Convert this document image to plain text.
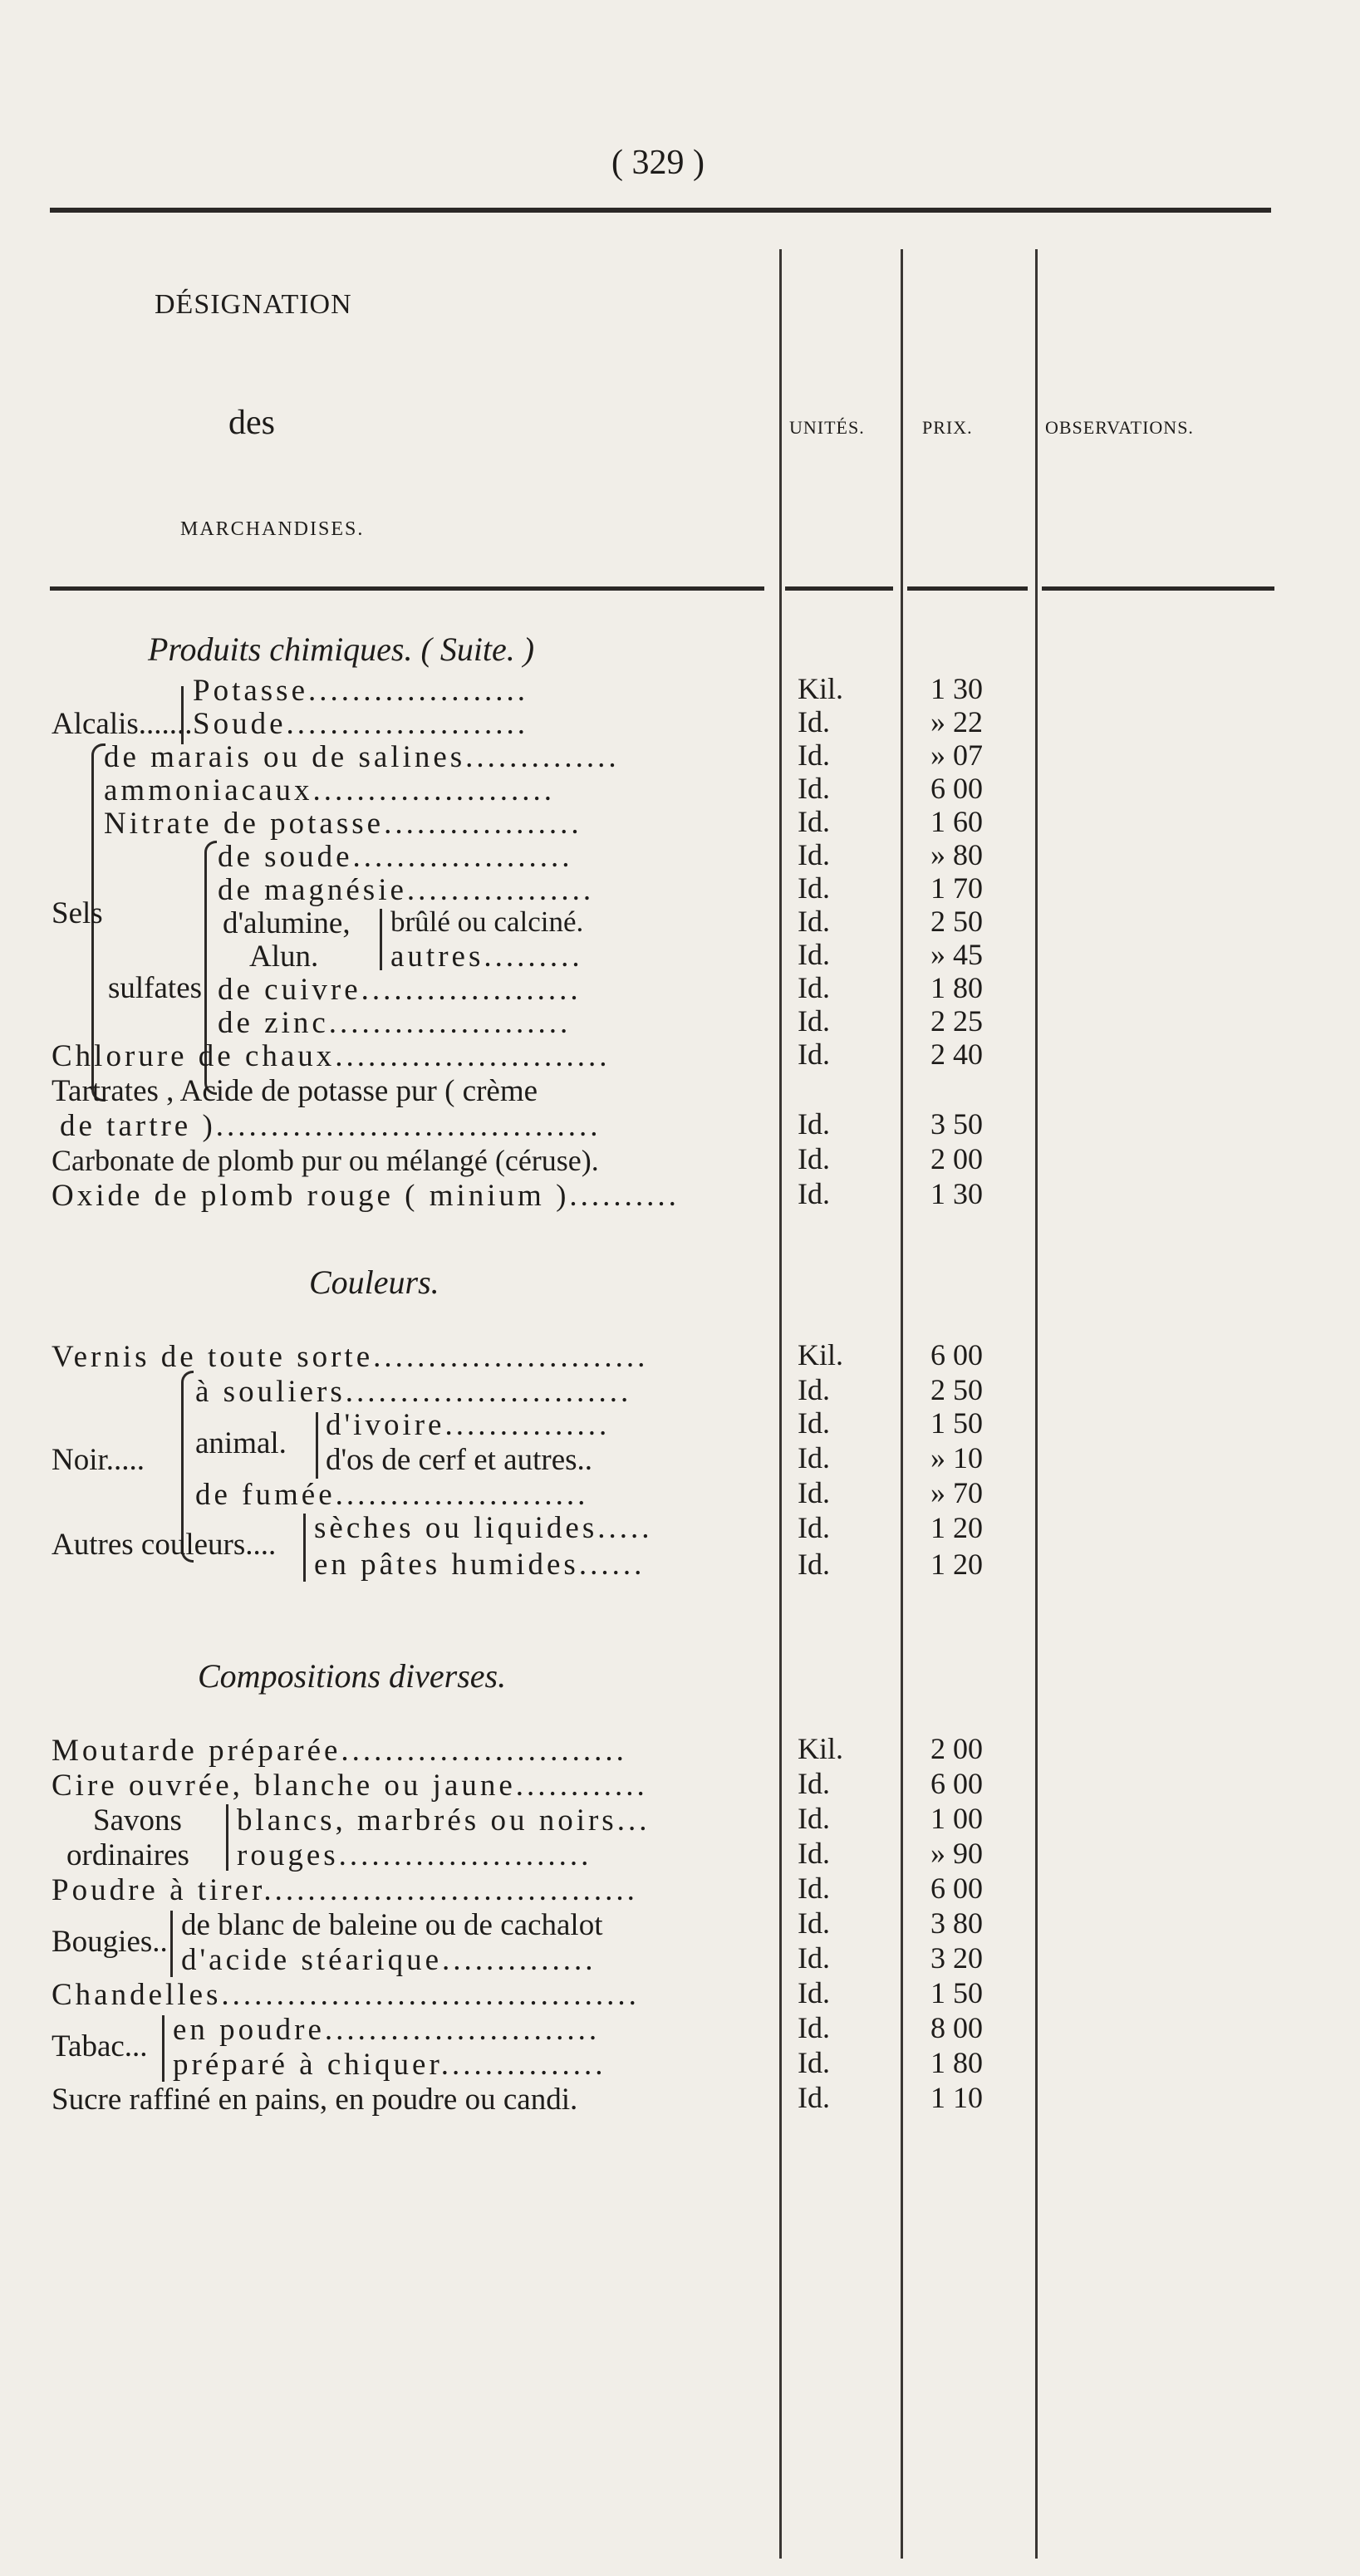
( 329 )
DÉSIGNATION
des
MARCHANDISES.
UNITÉS.	PRIX.	OBSERVATIONS.
Produits chimiques. ( Suite. )
Alcalis.......
Potasse....................	Kil.	1 30
Soude......................	Id.	» 22
Sels
de marais ou de salines..............	Id.	» 07
ammoniacaux......................	Id.	6 00
Nitrate de potasse..................	Id.	1 60
sulfates
de soude....................	Id.	» 80
de magnésie.................	Id.	1 70
d'alumine, brûlé ou calciné.	Id.	2 50
Alun. autres.........	Id.	» 45
de cuivre....................	Id.	1 80
de zinc......................	Id.	2 25
Chlorure de chaux.........................	Id.	2 40
Tartrates , Acide de potasse pur ( crème
de tartre )...................................	Id.	3 50
Carbonate de plomb pur ou mélangé (céruse).	Id.	2 00
Oxide de plomb rouge ( minium )..........	Id.	1 30
Couleurs.
Vernis de toute sorte.........................	Kil.	6 00
Noir.....
à souliers..........................	Id.	2 50
animal.
d'ivoire...............	Id.	1 50
d'os de cerf et autres..	Id.	» 10
de fumée.......................	Id.	» 70
Autres couleurs.... sèches ou liquides.....	Id.	1 20
en pâtes humides......	Id.	1 20
Compositions diverses.
Moutarde préparée..........................	Kil.	2 00
Cire ouvrée, blanche ou jaune............	Id.	6 00
Savons
ordinaires
blancs, marbrés ou noirs...	Id.	1 00
rouges.......................	Id.	» 90
Poudre à tirer..................................	Id.	6 00
Bougies.. de blanc de baleine ou de cachalot	Id.	3 80
d'acide stéarique..............	Id.	3 20
Chandelles......................................	Id.	1 50
Tabac... en poudre.........................	Id.	8 00
préparé à chiquer...............	Id.	1 80
Sucre raffiné en pains, en poudre ou candi.	Id.	1 10
